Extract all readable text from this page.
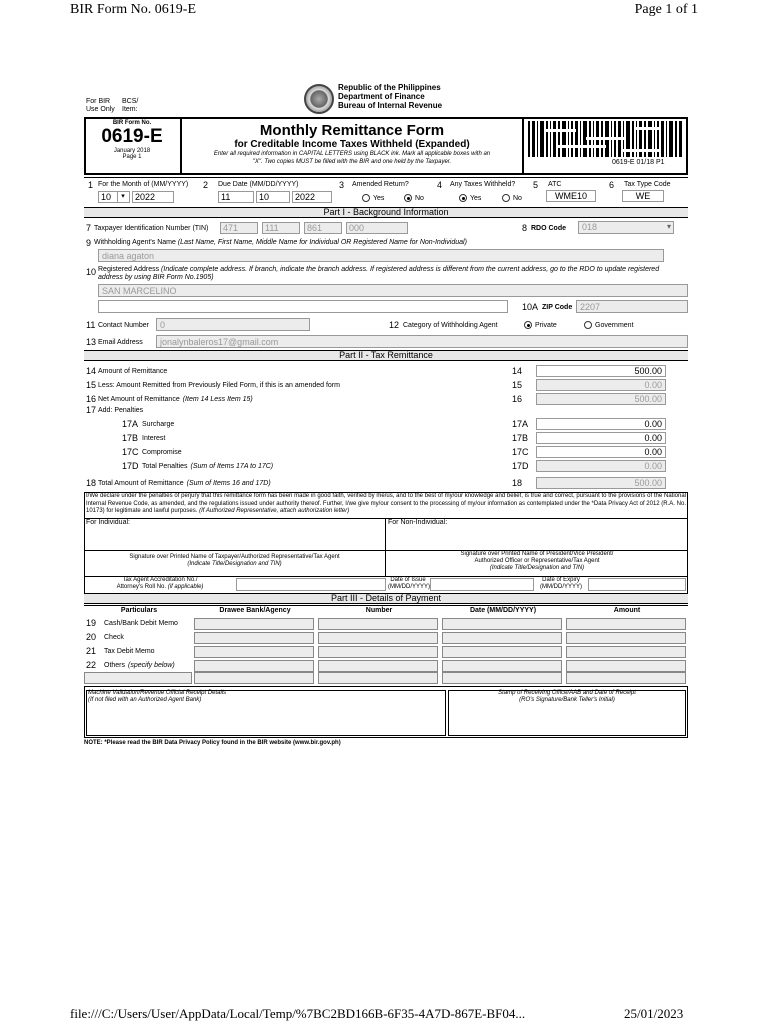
BIR Form No. 0619-E	Page 1 of 1
file:///C:/Users/User/AppData/Local/Temp/%7BC2BD166B-6F35-4A7D-867E-BF04...	25/01/2023
Republic of the Philippines
Department of Finance
Bureau of Internal Revenue
For BIR
Use Only
BCS/
Item:
BIR Form No.
0619-E
January 2018
Page 1
Monthly Remittance Form
for Creditable Income Taxes Withheld (Expanded)
Enter all required information in CAPITAL LETTERS using BLACK ink. Mark all applicable boxes with an
"X". Two copies MUST be filled with the BIR and one held by the Taxpayer.	0619-E 01/18 P1
1 For the Month of (MM/YYYY)
10	▾	2022
2 Due Date (MM/DD/YYYY)
11	10	2022
3 Amended Return?
Yes	No
4 Any Taxes Withheld?
Yes	No
5 ATC
WME10
6 Tax Type Code
WE
Part I - Background Information
7 Taxpayer Identification Number (TIN)	471	111	861	000	8 RDO Code	018	▾
9 Withholding Agent's Name (Last Name, First Name, Middle Name for Individual OR Registered Name for Non-Individual)
diana agaton
10 Registered Address (Indicate complete address. If branch, indicate the branch address. If registered address is different from the current address, go to the RDO to update registered
address by using BIR Form No.1905)
SAN MARCELINO
10A ZIP Code 2207
11 Contact Number	0	12 Category of Withholding Agent	Private	Government
13 Email Address	jonalynbaleros17@gmail.com
Part II - Tax Remittance
14 Amount of Remittance	14	500.00
15 Less: Amount Remitted from Previously Filed Form, if this is an amended form	15	0.00
16 Net Amount of Remittance (Item 14 Less Item 15)	16	500.00
17 Add: Penalties
17A Surcharge	17A	0.00
17B Interest	17B	0.00
17C Compromise	17C	0.00
17D Total Penalties (Sum of Items 17A to 17C)	17D	0.00
18 Total Amount of Remittance (Sum of Items 16 and 17D)	18	500.00
I/We declare under the penalties of perjury that this remittance form has been made in good faith, verified by me/us, and to the best of my/our knowledge and belief, is true and correct, pursuant to the provisions of the National Internal Revenue Code, as amended, and the regulations issued under authority thereof. Further, I/we give my/our consent to the processing of my/our information as contemplated under the *Data Privacy Act of 2012 (R.A. No. 10173) for legitimate and lawful purposes. (If Authorized Representative, attach authorization letter)
For Individual:	For Non-Individual:
Signature over Printed Name of Taxpayer/Authorized Representative/Tax Agent
(Indicate Title/Designation and TIN)
Signature over Printed Name of President/Vice President/
Authorized Officer or Representative/Tax Agent
(Indicate Title/Designation and TIN)
Tax Agent Accreditation No./
Attorney's Roll No. (if applicable)
Date of Issue
(MM/DD/YYYY)
Date of Expiry
(MM/DD/YYYY)
Part III - Details of Payment
Particulars	Drawee Bank/Agency	Number	Date (MM/DD/YYYY)	Amount
19 Cash/Bank Debit Memo
20 Check
21 Tax Debit Memo
22 Others (specify below)
Machine Validation/Revenue Official Receipt Details
(If not filed with an Authorized Agent Bank)
Stamp of Receiving Office/AAB and Date of Receipt
(RO's Signature/Bank Teller's Initial)
NOTE: *Please read the BIR Data Privacy Policy found in the BIR website (www.bir.gov.ph)
